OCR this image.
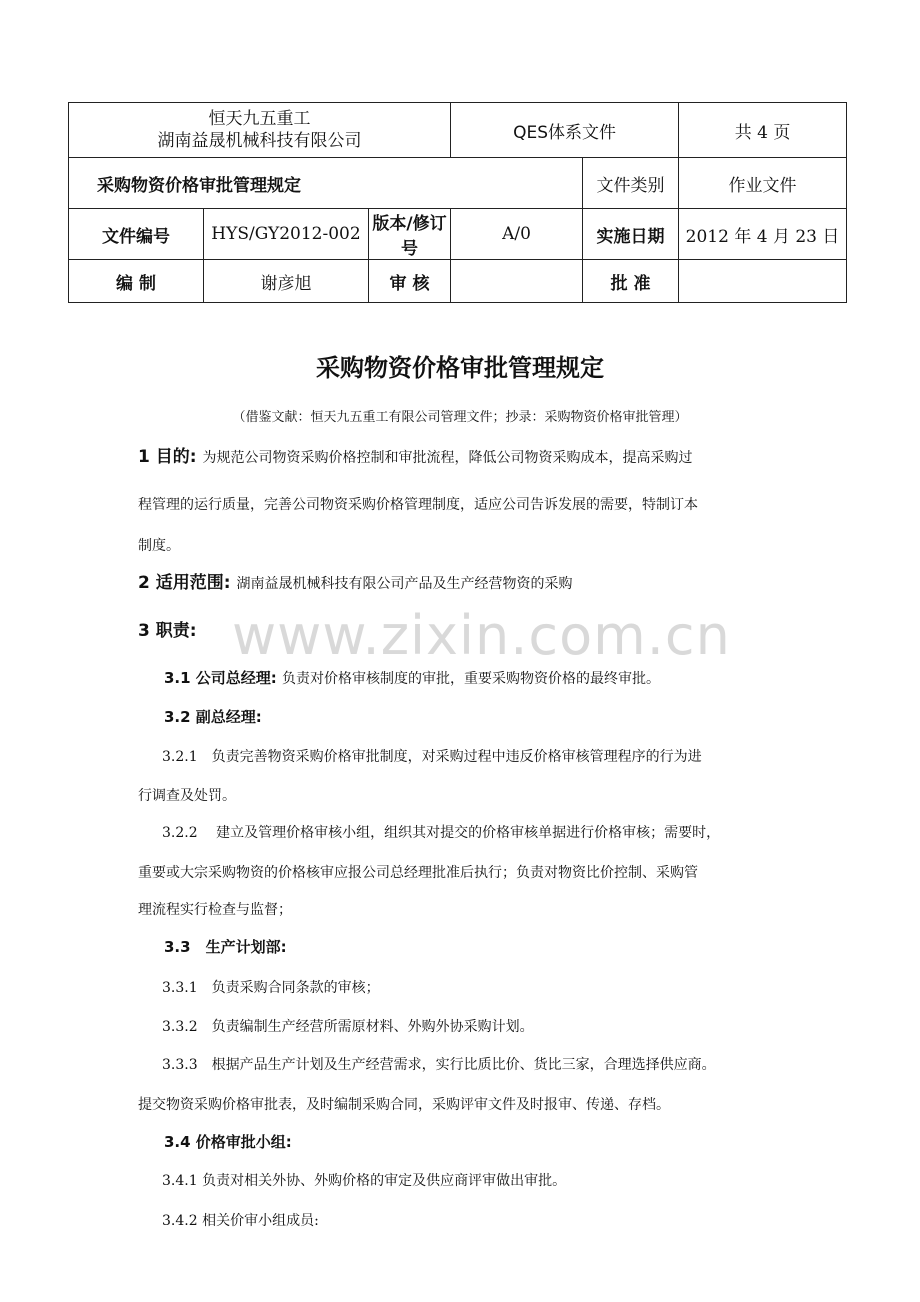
恒天九五重工
湖南益晟机械科技有限公司			QES体系文件		共 4 页
采购物资价格审批管理规定				文件类别	作业文件
文件编号	HYS/GY2012-002	版本/修订号	A/0	实施日期	2012 年 4 月 23 日
编 制	谢彦旭	审 核		批 准	
采购物资价格审批管理规定
（借鉴文献：恒天九五重工有限公司管理文件；抄录：采购物资价格审批管理）
1 目的: 为规范公司物资采购价格控制和审批流程，降低公司物资采购成本，提高采购过
程管理的运行质量，完善公司物资采购价格管理制度，适应公司告诉发展的需要，特制订本
制度。
2 适用范围: 湖南益晟机械科技有限公司产品及生产经营物资的采购
3 职责: www.zixin.com.cn
3.1 公司总经理: 负责对价格审核制度的审批，重要采购物资价格的最终审批。
3.2 副总经理:
3.2.1　负责完善物资采购价格审批制度，对采购过程中违反价格审核管理程序的行为进
行调查及处罚。
3.2.2　 建立及管理价格审核小组，组织其对提交的价格审核单据进行价格审核；需要时，
重要或大宗采购物资的价格核审应报公司总经理批准后执行；负责对物资比价控制、采购管
理流程实行检查与监督；
3.3　生产计划部:
3.3.1　负责采购合同条款的审核；
3.3.2　负责编制生产经营所需原材料、外购外协采购计划。
3.3.3　根据产品生产计划及生产经营需求，实行比质比价、货比三家，合理选择供应商。
提交物资采购价格审批表，及时编制采购合同，采购评审文件及时报审、传递、存档。
3.4 价格审批小组:
3.4.1 负责对相关外协、外购价格的审定及供应商评审做出审批。
3.4.2 相关价审小组成员:
